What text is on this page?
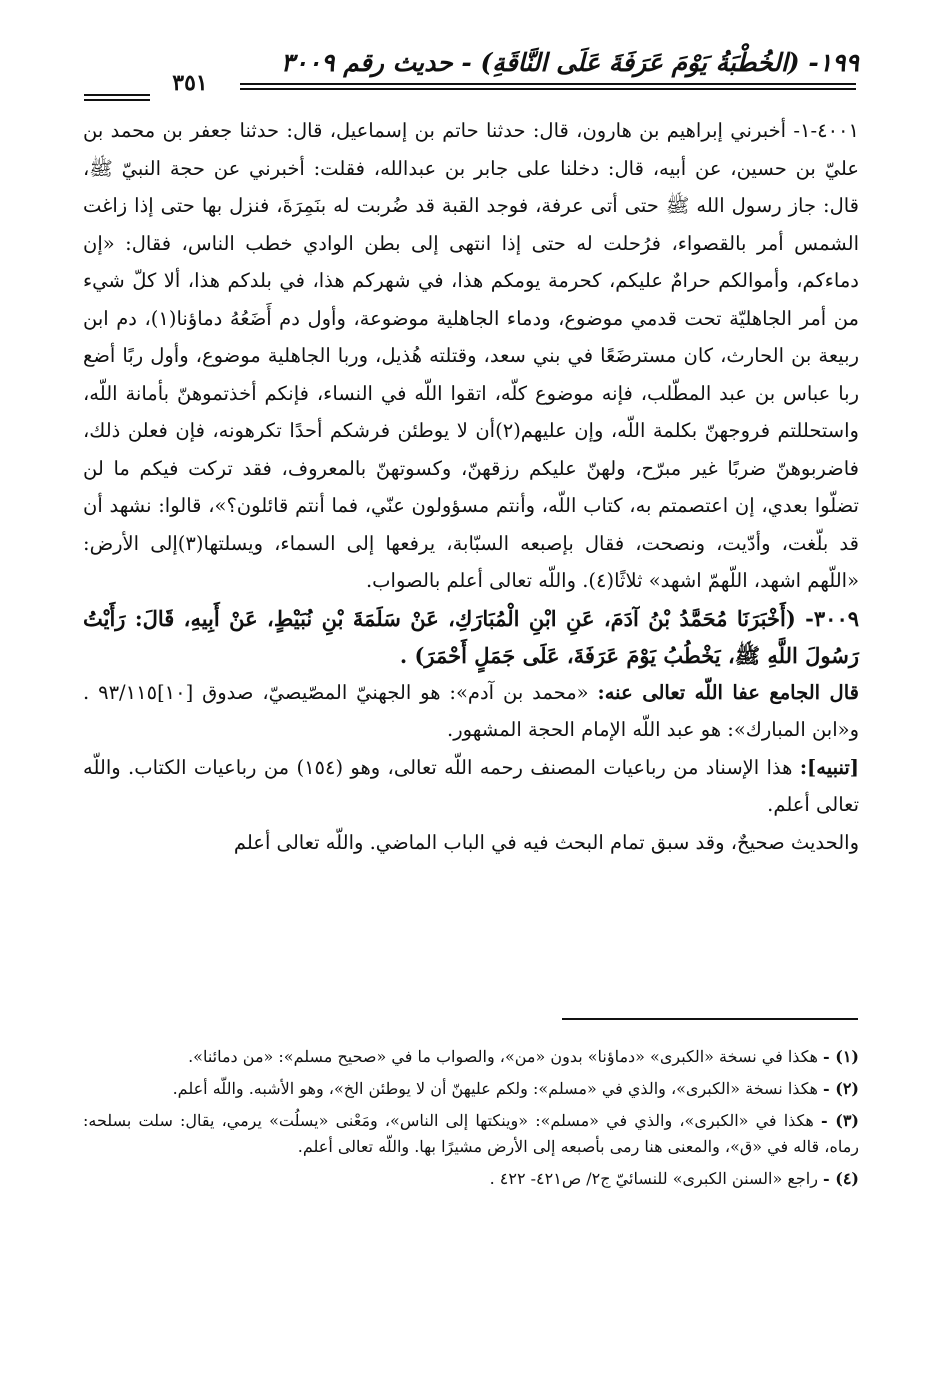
١٩٩- (الخُطْبَةُ يَوْمَ عَرَفَةَ عَلَى النَّاقَةِ) - حديث رقم ٣٠٠٩
٣٥١

٤٠٠١-١- أخبرني إبراهيم بن هارون، قال: حدثنا حاتم بن إسماعيل، قال: حدثنا جعفر بن محمد بن عليّ بن حسين، عن أبيه، قال: دخلنا على جابر بن عبدالله، فقلت: أخبرني عن حجة النبيّ ﷺ، قال: جاز رسول الله ﷺ حتى أتى عرفة، فوجد القبة قد ضُربت له بنَمِرَةَ، فنزل بها حتى إذا زاغت الشمس أمر بالقصواء، فرُحلت له حتى إذا انتهى إلى بطن الوادي خطب الناس، فقال: «إن دماءكم، وأموالكم حرامٌ عليكم، كحرمة يومكم هذا، في شهركم هذا، في بلدكم هذا، ألا كلّ شيء من أمر الجاهليّة تحت قدمي موضوع، ودماء الجاهلية موضوعة، وأول دم أَضَعُهُ دماؤنا(١)، دم ابن ربيعة بن الحارث، كان مسترضَعًا في بني سعد، وقتلته هُذيل، وربا الجاهلية موضوع، وأول ربًا أضع ربا عباس بن عبد المطّلب، فإنه موضوع كلّه، اتقوا اللّه في النساء، فإنكم أخذتموهنّ بأمانة اللّه، واستحللتم فروجهنّ بكلمة اللّه، وإن عليهم(٢)أن لا يوطئن فرشكم أحدًا تكرهونه، فإن فعلن ذلك، فاضربوهنّ ضربًا غير مبرّح، ولهنّ عليكم رزقهنّ، وكسوتهنّ بالمعروف، فقد تركت فيكم ما لن تضلّوا بعدي، إن اعتصمتم به، كتاب اللّه، وأنتم مسؤولون عنّي، فما أنتم قائلون؟»، قالوا: نشهد أن قد بلّغت، وأدّيت، ونصحت، فقال بإصبعه السبّابة، يرفعها إلى السماء، ويسلتها(٣)إلى الأرض: «اللّهم اشهد، اللّهمّ اشهد» ثلاثًا(٤). واللّه تعالى أعلم بالصواب.

٣٠٠٩- (أَخْبَرَنَا مُحَمَّدُ بْنُ آدَمَ، عَنِ ابْنِ الْمُبَارَكِ، عَنْ سَلَمَةَ بْنِ نُبَيْطٍ، عَنْ أَبِيهِ، قَالَ: رَأَيْتُ رَسُولَ اللَّهِ ﷺ، يَخْطُبُ يَوْمَ عَرَفَةَ، عَلَى جَمَلٍ أَحْمَرَ) .

قال الجامع عفا اللّه تعالى عنه: «محمد بن آدم»: هو الجهنيّ المصّيصيّ، صدوق [١٠]٩٣/١١٥ . و«ابن المبارك»: هو عبد اللّه الإمام الحجة المشهور.

[تنبيه]: هذا الإسناد من رباعيات المصنف رحمه اللّه تعالى، وهو (١٥٤) من رباعيات الكتاب. واللّه تعالى أعلم.

والحديث صحيحٌ، وقد سبق تمام البحث فيه في الباب الماضي. واللّه تعالى أعلم

(١) - هكذا في نسخة «الكبرى» «دماؤنا» بدون «من»، والصواب ما في «صحيح مسلم»: «من دمائنا».

(٢) - هكذا نسخة «الكبرى»، والذي في «مسلم»: ولكم عليهنّ أن لا يوطئن الخ»، وهو الأشبه. واللّه أعلم.

(٣) - هكذا في «الكبرى»، والذي في «مسلم»: «وينكتها إلى الناس»، ومَعْنى «يسلُت» يرمي، يقال: سلت بسلحه: رماه، قاله في «ق»، والمعنى هنا رمى بأصبعه إلى الأرض مشيرًا بها. واللّه تعالى أعلم.

(٤) - راجع «السنن الكبرى» للنسائيّ ج٢/ ص٤٢١- ٤٢٢ .
